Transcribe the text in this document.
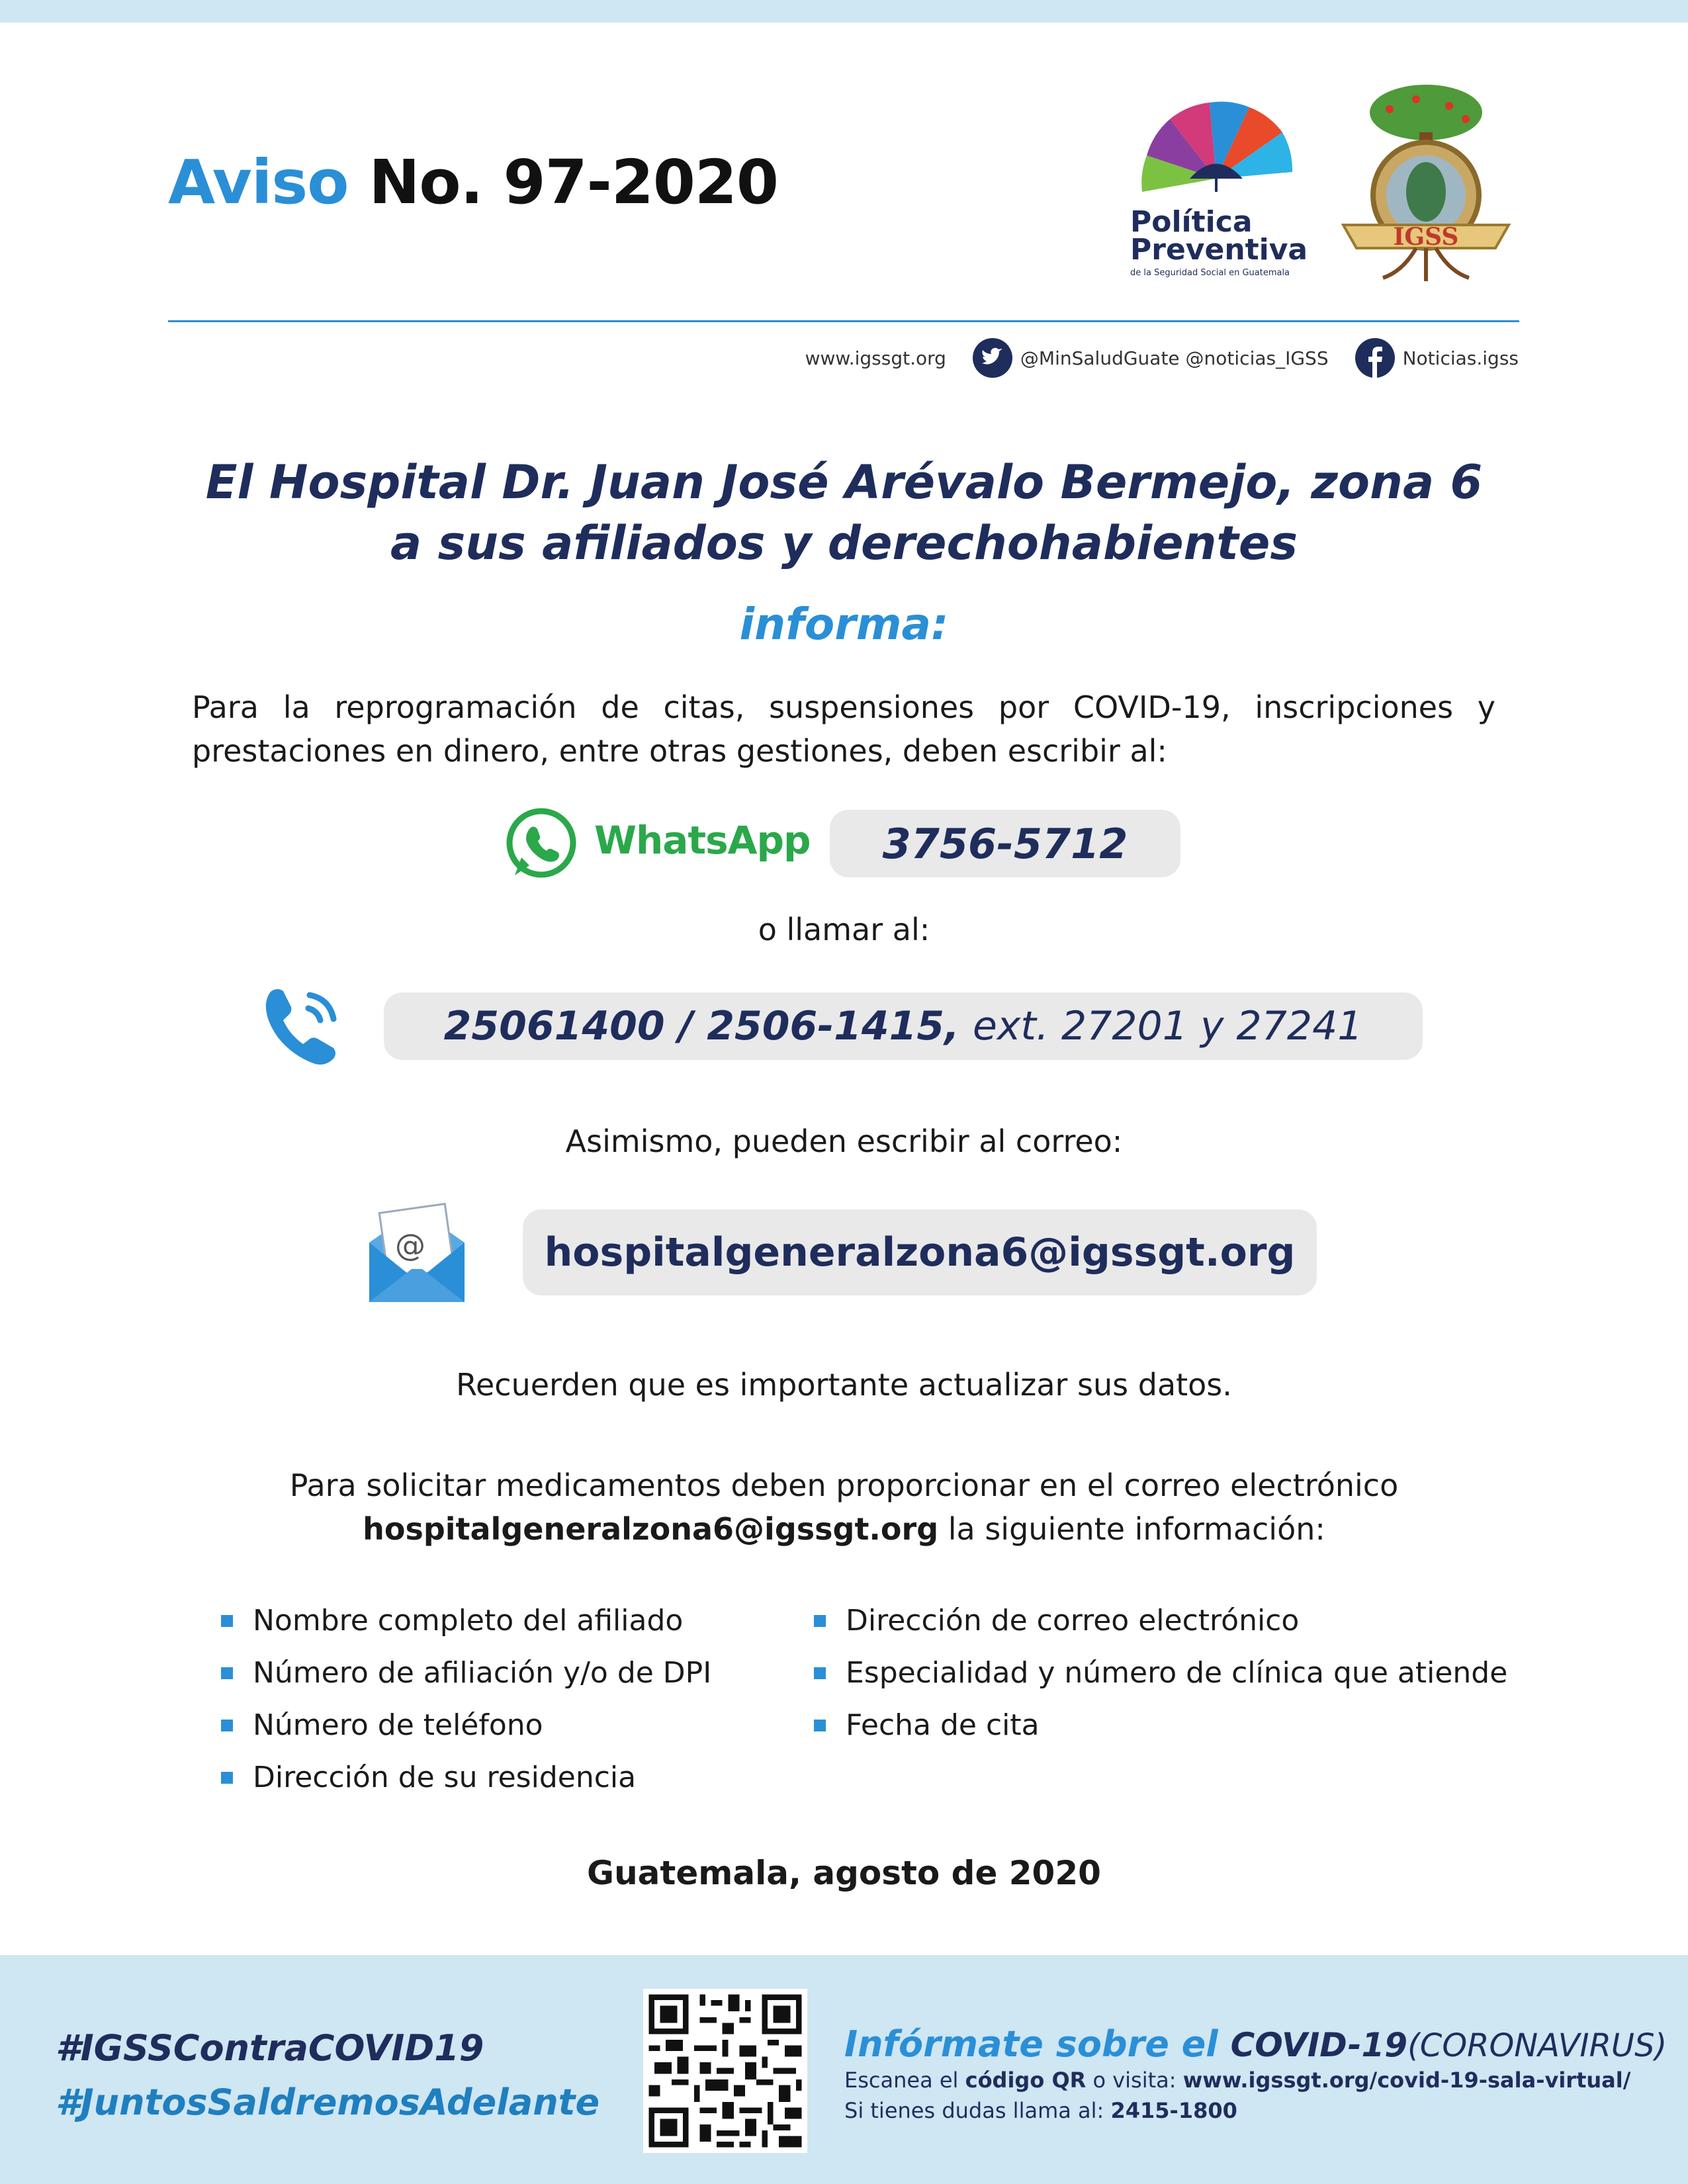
Aviso No. 97-2020
Política
Preventiva
de la Seguridad Social en Guatemala
IGSS
www.igssgt.org	@MinSaludGuate @noticias_IGSS	Noticias.igss
El Hospital Dr. Juan José Arévalo Bermejo, zona 6
a sus afiliados y derechohabientes
informa:
Para la reprogramación de citas, suspensiones por COVID-19, inscripciones y prestaciones en dinero, entre otras gestiones, deben escribir al:
WhatsApp 3756-5712
o llamar al:
25061400 / 2506-1415, ext. 27201 y 27241
Asimismo, pueden escribir al correo:
@	hospitalgeneralzona6@igssgt.org
Recuerden que es importante actualizar sus datos.
Para solicitar medicamentos deben proporcionar en el correo electrónico
hospitalgeneralzona6@igssgt.org la siguiente información:
Nombre completo del afiliado
Número de afiliación y/o de DPI
Número de teléfono
Dirección de su residencia
Dirección de correo electrónico
Especialidad y número de clínica que atiende
Fecha de cita
Guatemala, agosto de 2020
#IGSSContraCOVID19
#JuntosSaldremosAdelante
Infórmate sobre el COVID-19(CORONAVIRUS)
Escanea el código QR o visita: www.igssgt.org/covid-19-sala-virtual/
Si tienes dudas llama al: 2415-1800
